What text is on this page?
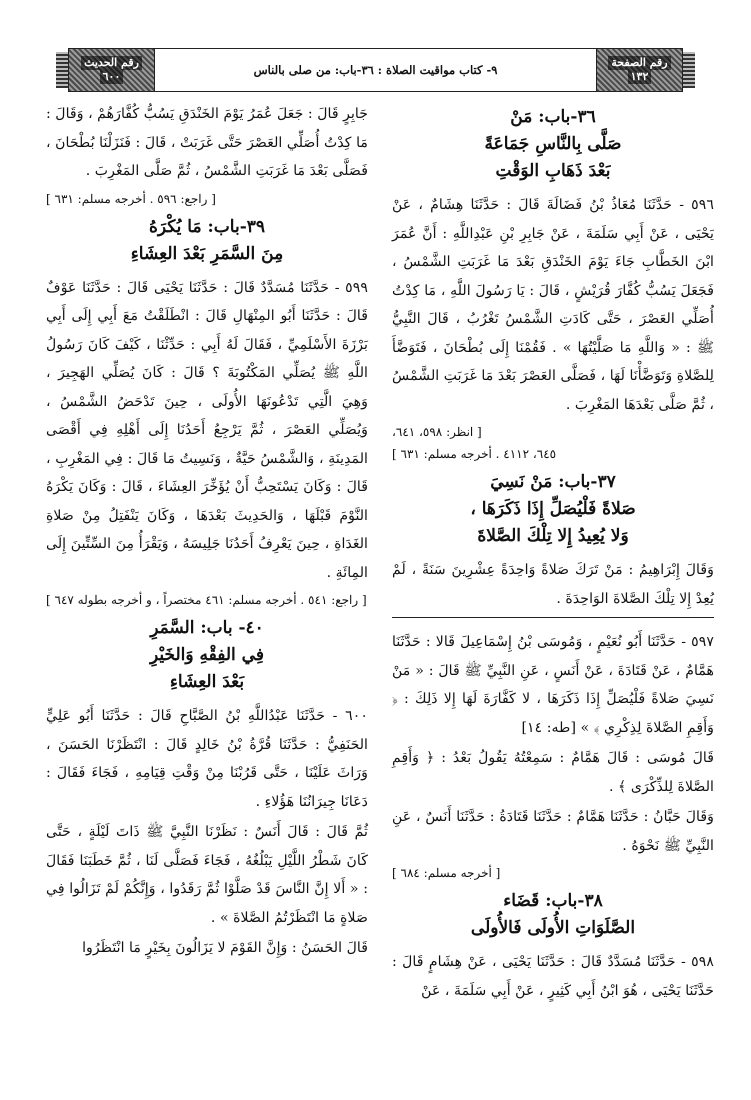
رقم الحديث
٦٠٠	٩- كتاب مواقيت الصلاة : ٣٦-باب: من صلى بالناس
رقم الصفحة
١٣٢
٣٦-باب: مَنْ
صَلَّى بِالنَّاسِ جَمَاعَةً
بَعْدَ ذَهَابِ الوَقْتِ

٥٩٦ - حَدَّثَنَا مُعَاذُ بْنُ فَضَالَةَ قَالَ : حَدَّثَنَا هِشَامٌ ، عَنْ يَحْيَى ، عَنْ أَبِي سَلَمَةَ ، عَنْ جَابِرِ بْنِ عَبْدِاللَّهِ : أَنَّ عُمَرَ ابْنَ الخَطَّابِ جَاءَ يَوْمَ الخَنْدَقِ بَعْدَ مَا غَرَبَتِ الشَّمْسُ ، فَجَعَلَ يَسُبُّ كُفَّارَ قُرَيْشٍ ، قَالَ : يَا رَسُولَ اللَّهِ ، مَا كِدْتُ أُصَلِّي العَصْرَ ، حَتَّى كَادَتِ الشَّمْسُ تَغْرُبُ ، قَالَ النَّبِيُّ ﷺ : « وَاللَّهِ مَا صَلَّيْتُهَا » . فَقُمْنَا إِلَى بُطْحَانَ ، فَتَوَضَّأَ لِلصَّلاةِ وَتَوَضَّأْنَا لَهَا ، فَصَلَّى العَصْرَ بَعْدَ مَا غَرَبَتِ الشَّمْسُ ، ثُمَّ صَلَّى بَعْدَهَا المَغْرِبَ .

[ انظر: ٥٩٨، ٦٤١،
٦٤٥، ٤١١٢ . أخرجه مسلم: ٦٣١ ]
٣٧-باب: مَنْ نَسِيَ
صَلاةً فَلْيُصَلِّ إِذَا ذَكَرَهَا ،
وَلا يُعِيدُ إِلا تِلْكَ الصَّلاةَ

وَقَالَ إِبْرَاهِيمُ : مَنْ تَرَكَ صَلاةً وَاحِدَةً عِشْرِينَ سَنَةً ، لَمْ يُعِدْ إِلا تِلْكَ الصَّلاةَ الوَاحِدَةَ .

٥٩٧ - حَدَّثَنَا أَبُو نُعَيْمٍ ، وَمُوسَى بْنُ إِسْمَاعِيلَ قَالا : حَدَّثَنَا هَمَّامٌ ، عَنْ قَتَادَةَ ، عَنْ أَنَسٍ ، عَنِ النَّبِيِّ ﷺ قَالَ : « مَنْ نَسِيَ صَلاةً فَلْيُصَلِّ إِذَا ذَكَرَهَا ، لا كَفَّارَةَ لَهَا إِلا ذَلِكَ : ﴿ وَأَقِمِ الصَّلاةَ لِذِكْرِي ﴾ » [طه: ١٤]

قَالَ مُوسَى : قَالَ هَمَّامٌ : سَمِعْتُهُ يَقُولُ بَعْدُ : ﴿ وَأَقِمِ الصَّلاةَ لِلذِّكْرَى ﴾ .

وَقَالَ حَبَّانُ : حَدَّثَنَا هَمَّامٌ : حَدَّثَنَا قَتَادَةُ : حَدَّثَنَا أَنَسٌ ، عَنِ النَّبِيِّ ﷺ نَحْوَهُ .

[ أخرجه مسلم: ٦٨٤ ]
٣٨-باب: قَضَاء
الصَّلَوَاتِ الأُولَى فَالأُولَى

٥٩٨ - حَدَّثَنَا مُسَدَّدٌ قَالَ : حَدَّثَنَا يَحْيَى ، عَنْ هِشَامٍ قَالَ : حَدَّثَنَا يَحْيَى ، هُوَ ابْنُ أَبِي كَثِيرٍ ، عَنْ أَبِي سَلَمَةَ ، عَنْ

جَابِرٍ قَالَ : جَعَلَ عُمَرُ يَوْمَ الخَنْدَقِ يَسُبُّ كُفَّارَهُمْ ، وَقَالَ : مَا كِدْتُ أُصَلِّي العَصْرَ حَتَّى غَرَبَتْ ، قَالَ : فَنَزَلْنَا بُطْحَانَ ، فَصَلَّى بَعْدَ مَا غَرَبَتِ الشَّمْسُ ، ثُمَّ صَلَّى المَغْرِبَ .

[ راجع: ٥٩٦ . أخرجه مسلم: ٦٣١ ]
٣٩-باب: مَا يُكْرَهُ
مِنَ السَّمَرِ بَعْدَ العِشَاءِ

٥٩٩ - حَدَّثَنَا مُسَدَّدٌ قَالَ : حَدَّثَنَا يَحْيَى قَالَ : حَدَّثَنَا عَوْفٌ قَالَ : حَدَّثَنَا أَبُو المِنْهَالِ قَالَ : انْطَلَقْتُ مَعَ أَبِي إِلَى أَبِي بَرْزَةَ الأَسْلَمِيِّ ، فَقَالَ لَهُ أَبِي : حَدِّثْنَا ، كَيْفَ كَانَ رَسُولُ اللَّهِ ﷺ يُصَلِّي المَكْتُوبَةَ ؟ قَالَ : كَانَ يُصَلِّي الهَجِيرَ ، وَهِيَ الَّتِي تَدْعُونَهَا الأُولَى ، حِينَ تَدْحَضُ الشَّمْسُ ، وَيُصَلِّي العَصْرَ ، ثُمَّ يَرْجِعُ أَحَدُنَا إِلَى أَهْلِهِ فِي أَقْصَى المَدِينَةِ ، وَالشَّمْسُ حَيَّةٌ ، وَنَسِيتُ مَا قَالَ : فِي المَغْرِبِ ، قَالَ : وَكَانَ يَسْتَحِبُّ أَنْ يُؤَخِّرَ العِشَاءَ ، قَالَ : وَكَانَ يَكْرَهُ النَّوْمَ قَبْلَهَا ، وَالحَدِيثَ بَعْدَهَا ، وَكَانَ يَنْفَتِلُ مِنْ صَلاةِ الغَدَاةِ ، حِينَ يَعْرِفُ أَحَدُنَا جَلِيسَهُ ، وَيَقْرَأُ مِنَ السِّتِّينَ إِلَى المِائَةِ .

[ راجع: ٥٤١ . أخرجه مسلم: ٤٦١ مختصراً ، و أخرجه بطوله ٦٤٧ ]
٤٠- باب: السَّمَرِ
فِي الفِقْهِ وَالخَيْرِ
بَعْدَ العِشَاءِ

٦٠٠ - حَدَّثَنَا عَبْدُاللَّهِ بْنُ الصَّبَّاحِ قَالَ : حَدَّثَنَا أَبُو عَلِيٍّ الحَنَفِيُّ : حَدَّثَنَا قُرَّةُ بْنُ خَالِدٍ قَالَ : انْتَظَرْنَا الحَسَنَ ، وَرَاثَ عَلَيْنَا ، حَتَّى قَرُبْنَا مِنْ وَقْتِ قِيَامِهِ ، فَجَاءَ فَقَالَ : دَعَانَا جِيرَانُنَا هَؤُلاءِ .

ثُمَّ قَالَ : قَالَ أَنَسٌ : نَظَرْنَا النَّبِيَّ ﷺ ذَاتَ لَيْلَةٍ ، حَتَّى كَانَ شَطْرُ اللَّيْلِ يَبْلُغُهُ ، فَجَاءَ فَصَلَّى لَنَا ، ثُمَّ خَطَبَنَا فَقَالَ : « أَلا إِنَّ النَّاسَ قَدْ صَلَّوْا ثُمَّ رَقَدُوا ، وَإِنَّكُمْ لَمْ تَزَالُوا فِي صَلاةٍ مَا انْتَظَرْتُمُ الصَّلاةَ » .

قَالَ الحَسَنُ : وَإِنَّ القَوْمَ لا يَزَالُونَ بِخَيْرٍ مَا انْتَظَرُوا
